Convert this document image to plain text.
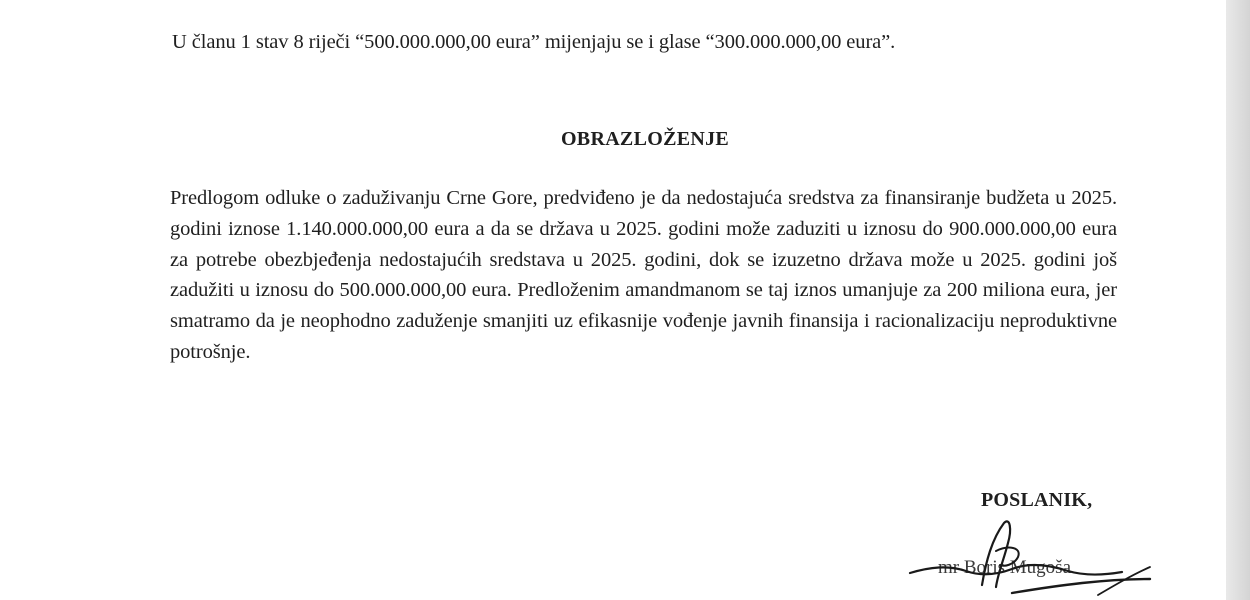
U članu 1 stav 8 riječi “500.000.000,00 eura” mijenjaju se i glase “300.000.000,00 eura”.
OBRAZLOŽENJE
Predlogom odluke o zaduživanju Crne Gore, predviđeno je da nedostajuća sredstva za finansiranje budžeta u 2025. godini iznose 1.140.000.000,00 eura a da se država u 2025. godini može zaduziti u iznosu do 900.000.000,00 eura za potrebe obezbjeđenja nedostajućih sredstava u 2025. godini, dok se izuzetno država može u 2025. godini još zadužiti u iznosu do 500.000.000,00 eura. Predloženim amandmanom se taj iznos umanjuje za 200 miliona eura, jer smatramo da je neophodno zaduženje smanjiti uz efikasnije vođenje javnih finansija i racionalizaciju neproduktivne potrošnje.
POSLANIK,
mr Boris Mugoša
